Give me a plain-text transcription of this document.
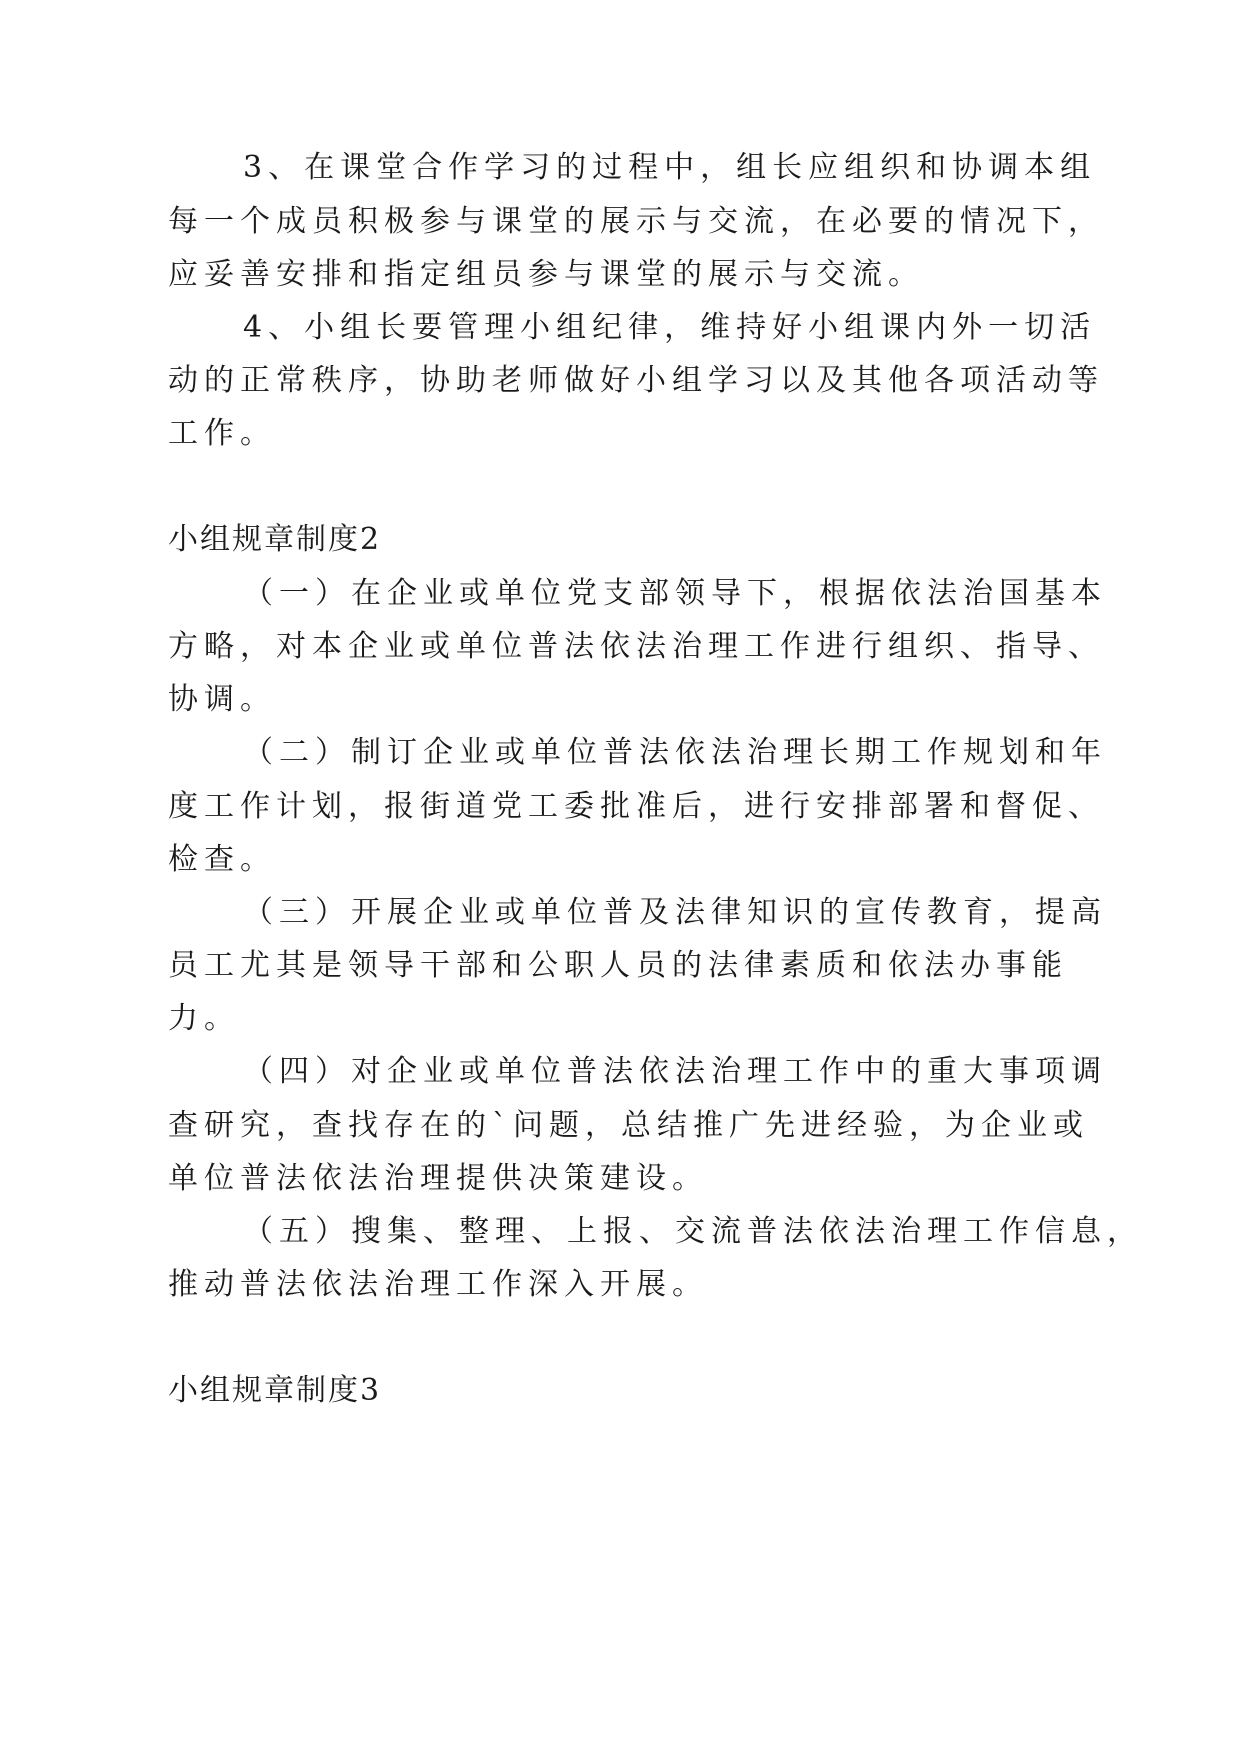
3、在课堂合作学习的过程中，组长应组织和协调本组
每一个成员积极参与课堂的展示与交流，在必要的情况下，
应妥善安排和指定组员参与课堂的展示与交流。
4、小组长要管理小组纪律，维持好小组课内外一切活
动的正常秩序，协助老师做好小组学习以及其他各项活动等
工作。
小组规章制度2
（一）在企业或单位党支部领导下，根据依法治国基本
方略，对本企业或单位普法依法治理工作进行组织、指导、
协调。
（二）制订企业或单位普法依法治理长期工作规划和年
度工作计划，报街道党工委批准后，进行安排部署和督促、
检查。
（三）开展企业或单位普及法律知识的宣传教育，提高
员工尤其是领导干部和公职人员的法律素质和依法办事能
力。
（四）对企业或单位普法依法治理工作中的重大事项调
查研究，查找存在的`问题，总结推广先进经验，为企业或
单位普法依法治理提供决策建设。
（五）搜集、整理、上报、交流普法依法治理工作信息，
推动普法依法治理工作深入开展。
小组规章制度3
